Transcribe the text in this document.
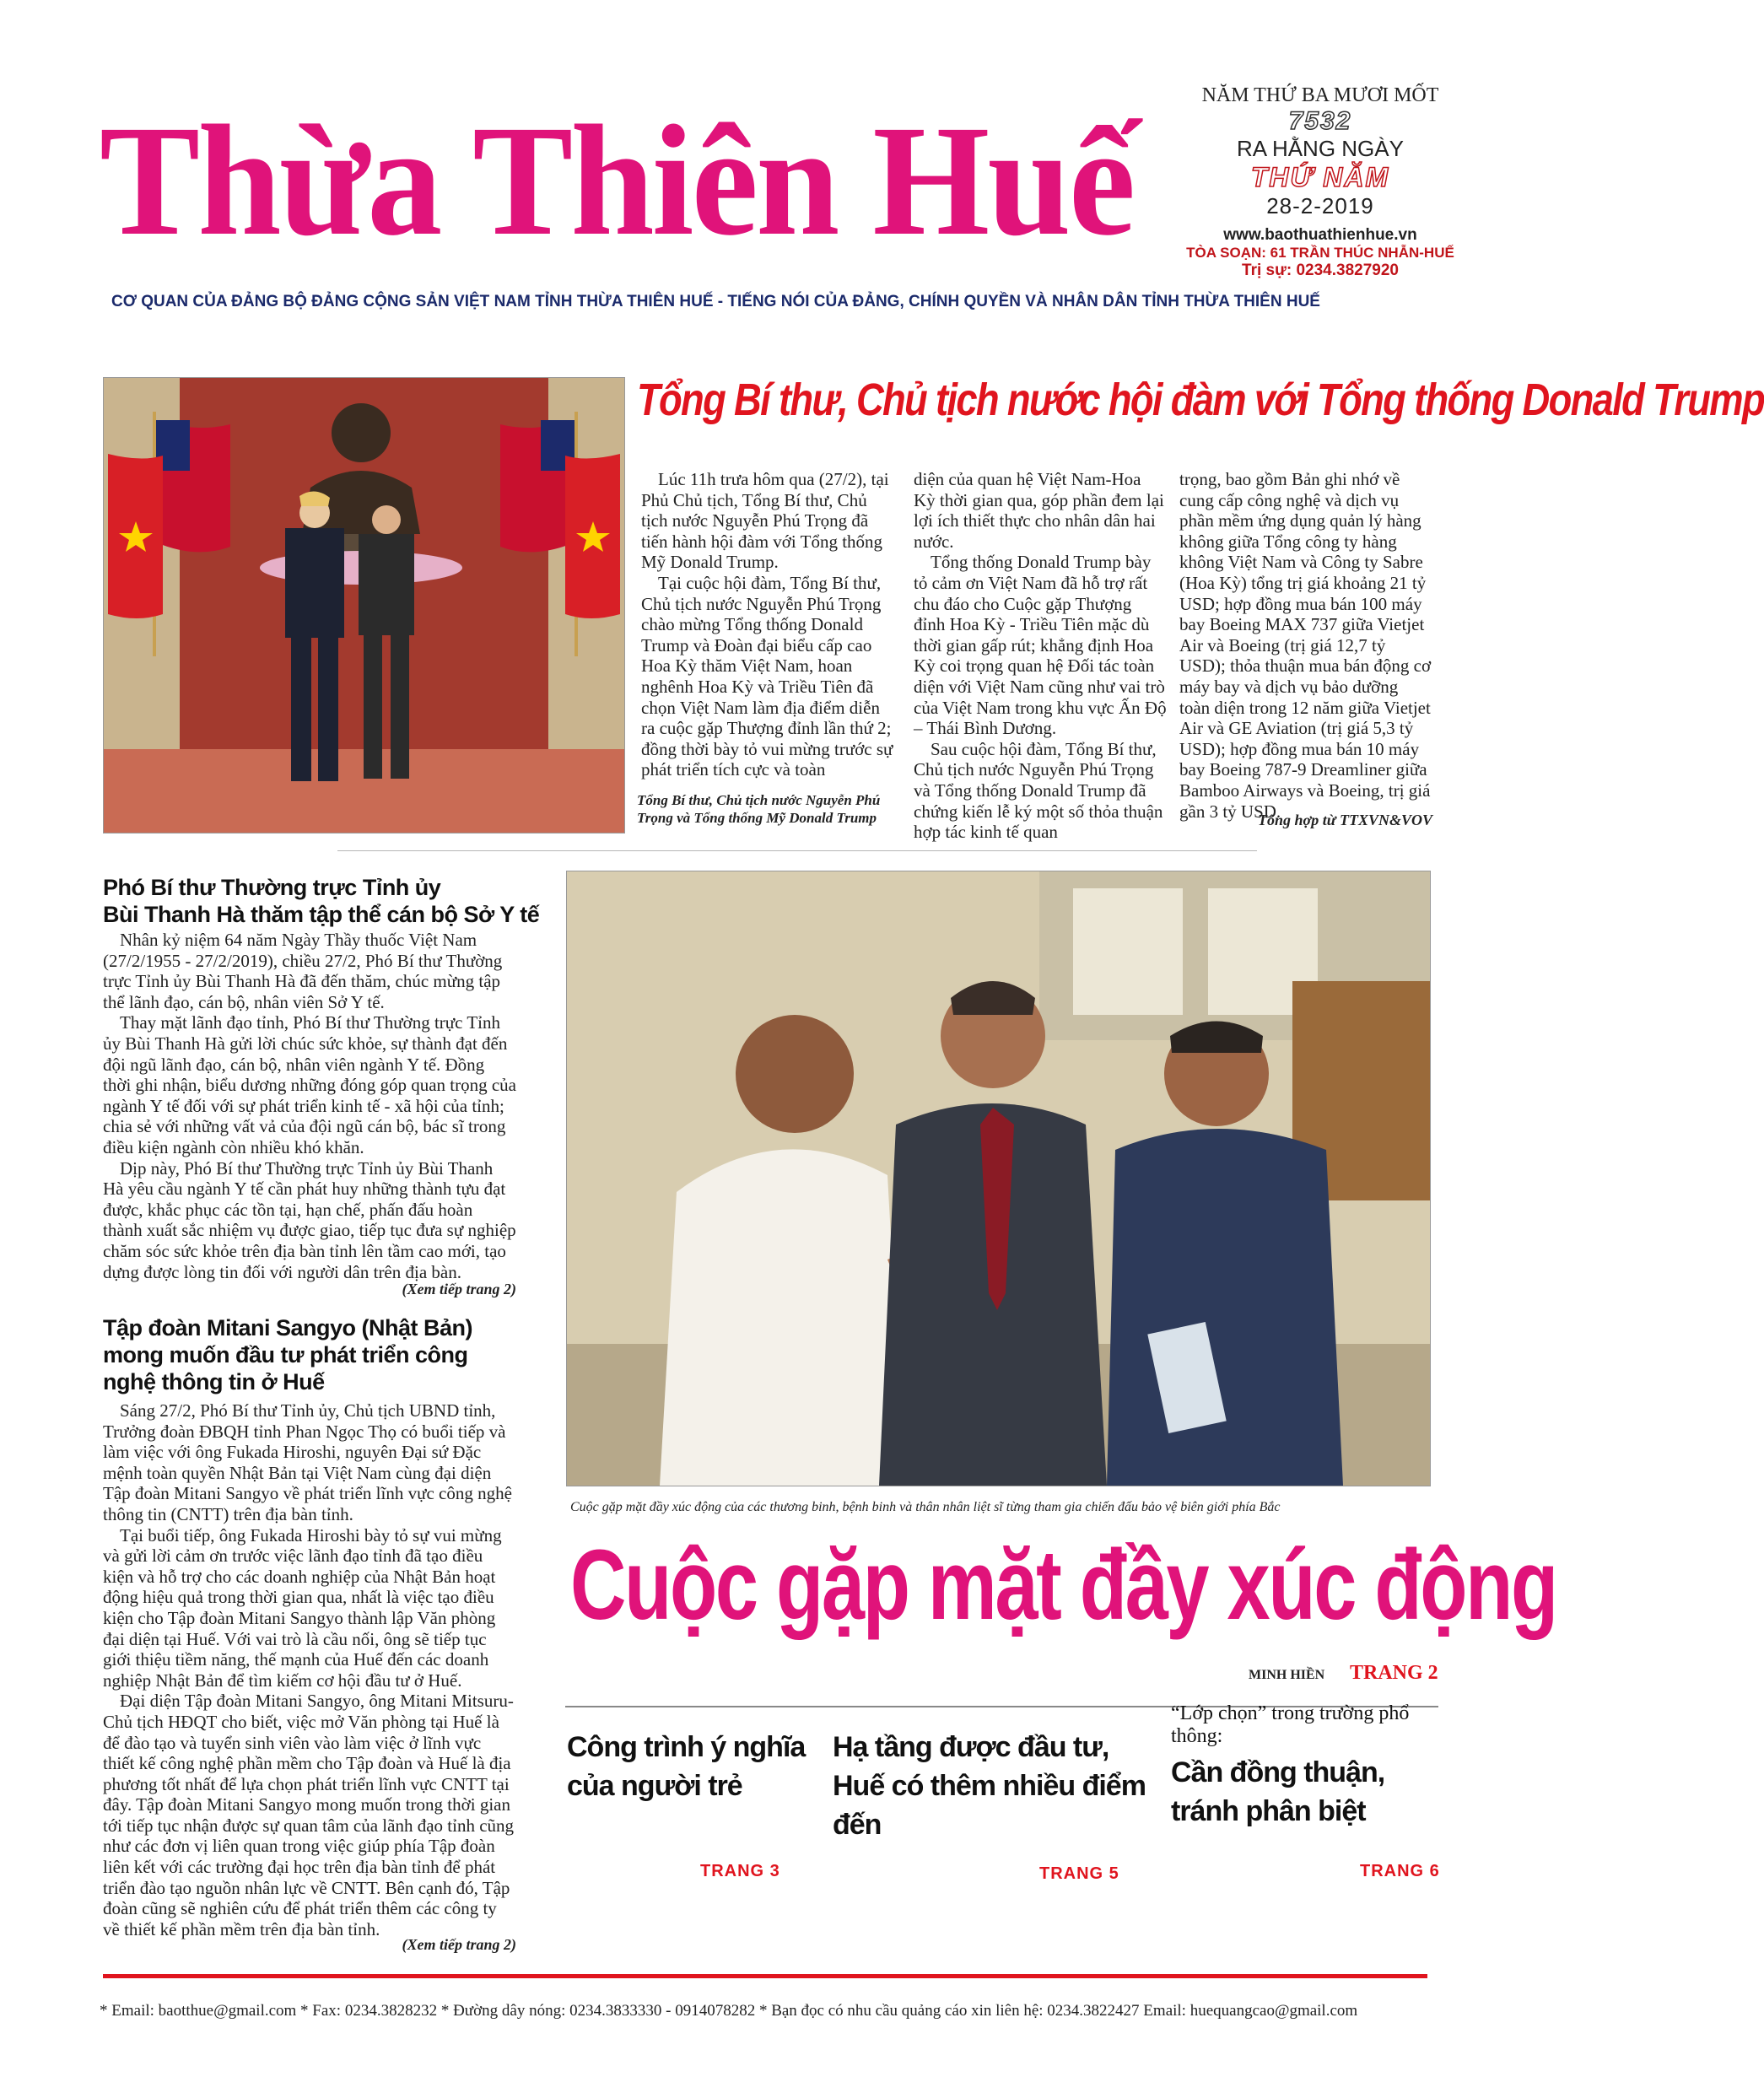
Thừa Thiên Huế
CƠ QUAN CỦA ĐẢNG BỘ ĐẢNG CỘNG SẢN VIỆT NAM TỈNH THỪA THIÊN HUẾ - TIẾNG NÓI CỦA ĐẢNG, CHÍNH QUYỀN VÀ NHÂN DÂN TỈNH THỪA THIÊN HUẾ
NĂM THỨ BA MƯƠI MỐT
7532
RA HẰNG NGÀY
THỨ NĂM
28-2-2019
www.baothuathienhue.vn
TÒA SOẠN: 61 TRẦN THÚC NHẪN-HUẾ
Trị sự: 0234.3827920
Tổng Bí thư, Chủ tịch nước hội đàm với Tổng thống Donald Trump

Lúc 11h trưa hôm qua (27/2), tại Phủ Chủ tịch, Tổng Bí thư, Chủ tịch nước Nguyễn Phú Trọng đã tiến hành hội đàm với Tổng thống Mỹ Donald Trump.

Tại cuộc hội đàm, Tổng Bí thư, Chủ tịch nước Nguyễn Phú Trọng chào mừng Tổng thống Donald Trump và Đoàn đại biểu cấp cao Hoa Kỳ thăm Việt Nam, hoan nghênh Hoa Kỳ và Triều Tiên đã chọn Việt Nam làm địa điểm diễn ra cuộc gặp Thượng đỉnh lần thứ 2; đồng thời bày tỏ vui mừng trước sự phát triển tích cực và toàn

diện của quan hệ Việt Nam-Hoa Kỳ thời gian qua, góp phần đem lại lợi ích thiết thực cho nhân dân hai nước.

Tổng thống Donald Trump bày tỏ cảm ơn Việt Nam đã hỗ trợ rất chu đáo cho Cuộc gặp Thượng đỉnh Hoa Kỳ - Triều Tiên mặc dù thời gian gấp rút; khẳng định Hoa Kỳ coi trọng quan hệ Đối tác toàn diện với Việt Nam cũng như vai trò của Việt Nam trong khu vực Ấn Độ – Thái Bình Dương.

Sau cuộc hội đàm, Tổng Bí thư, Chủ tịch nước Nguyễn Phú Trọng và Tổng thống Donald Trump đã chứng kiến lễ ký một số thỏa thuận hợp tác kinh tế quan

trọng, bao gồm Bản ghi nhớ về cung cấp công nghệ và dịch vụ phần mềm ứng dụng quản lý hàng không giữa Tổng công ty hàng không Việt Nam và Công ty Sabre (Hoa Kỳ) tổng trị giá khoảng 21 tỷ USD; hợp đồng mua bán 100 máy bay Boeing MAX 737 giữa Vietjet Air và Boeing (trị giá 12,7 tỷ USD); thỏa thuận mua bán động cơ máy bay và dịch vụ bảo dưỡng toàn diện trong 12 năm giữa Vietjet Air và GE Aviation (trị giá 5,3 tỷ USD); hợp đồng mua bán 10 máy bay Boeing 787-9 Dreamliner giữa Bamboo Airways và Boeing, trị giá gần 3 tỷ USD.

Tổng Bí thư, Chủ tịch nước Nguyễn Phú Trọng và Tổng thống Mỹ Donald Trump	Tổng hợp từ TTXVN&VOV
Phó Bí thư Thường trực Tỉnh ủy
Bùi Thanh Hà thăm tập thể cán bộ Sở Y tế

Nhân kỷ niệm 64 năm Ngày Thầy thuốc Việt Nam (27/2/1955 - 27/2/2019), chiều 27/2, Phó Bí thư Thường trực Tỉnh ủy Bùi Thanh Hà đã đến thăm, chúc mừng tập thể lãnh đạo, cán bộ, nhân viên Sở Y tế.

Thay mặt lãnh đạo tỉnh, Phó Bí thư Thường trực Tỉnh ủy Bùi Thanh Hà gửi lời chúc sức khỏe, sự thành đạt đến đội ngũ lãnh đạo, cán bộ, nhân viên ngành Y tế. Đồng thời ghi nhận, biểu dương những đóng góp quan trọng của ngành Y tế đối với sự phát triển kinh tế - xã hội của tỉnh; chia sẻ với những vất vả của đội ngũ cán bộ, bác sĩ trong điều kiện ngành còn nhiều khó khăn.

Dịp này, Phó Bí thư Thường trực Tỉnh ủy Bùi Thanh Hà yêu cầu ngành Y tế cần phát huy những thành tựu đạt được, khắc phục các tồn tại, hạn chế, phấn đấu hoàn thành xuất sắc nhiệm vụ được giao, tiếp tục đưa sự nghiệp chăm sóc sức khỏe trên địa bàn tỉnh lên tầm cao mới, tạo dựng được lòng tin đối với người dân trên địa bàn.

(Xem tiếp trang 2)
Tập đoàn Mitani Sangyo (Nhật Bản)
mong muốn đầu tư phát triển công
nghệ thông tin ở Huế

Sáng 27/2, Phó Bí thư Tỉnh ủy, Chủ tịch UBND tỉnh, Trưởng đoàn ĐBQH tỉnh Phan Ngọc Thọ có buổi tiếp và làm việc với ông Fukada Hiroshi, nguyên Đại sứ Đặc mệnh toàn quyền Nhật Bản tại Việt Nam cùng đại diện Tập đoàn Mitani Sangyo về phát triển lĩnh vực công nghệ thông tin (CNTT) trên địa bàn tỉnh.

Tại buổi tiếp, ông Fukada Hiroshi bày tỏ sự vui mừng và gửi lời cảm ơn trước việc lãnh đạo tỉnh đã tạo điều kiện và hỗ trợ cho các doanh nghiệp của Nhật Bản hoạt động hiệu quả trong thời gian qua, nhất là việc tạo điều kiện cho Tập đoàn Mitani Sangyo thành lập Văn phòng đại diện tại Huế. Với vai trò là cầu nối, ông sẽ tiếp tục giới thiệu tiềm năng, thế mạnh của Huế đến các doanh nghiệp Nhật Bản để tìm kiếm cơ hội đầu tư ở Huế.

Đại diện Tập đoàn Mitani Sangyo, ông Mitani Mitsuru- Chủ tịch HĐQT cho biết, việc mở Văn phòng tại Huế là để đào tạo và tuyển sinh viên vào làm việc ở lĩnh vực thiết kế công nghệ phần mềm cho Tập đoàn và Huế là địa phương tốt nhất để lựa chọn phát triển lĩnh vực CNTT tại đây. Tập đoàn Mitani Sangyo mong muốn trong thời gian tới tiếp tục nhận được sự quan tâm của lãnh đạo tỉnh cũng như các đơn vị liên quan trong việc giúp phía Tập đoàn liên kết với các trường đại học trên địa bàn tỉnh để phát triển đào tạo nguồn nhân lực về CNTT. Bên cạnh đó, Tập đoàn cũng sẽ nghiên cứu để phát triển thêm các công ty về thiết kế phần mềm trên địa bàn tỉnh.

(Xem tiếp trang 2)
Cuộc gặp mặt đầy xúc động của các thương binh, bệnh binh và thân nhân liệt sĩ từng tham gia chiến đấu bảo vệ biên giới phía Bắc
Cuộc gặp mặt đầy xúc động
MINH HIỀN TRANG 2
Công trình ý nghĩa
của người trẻ
TRANG 3
Hạ tầng được đầu tư,
Huế có thêm nhiều điểm đến
TRANG 5
“Lớp chọn” trong trường phổ thông:
Cần đồng thuận,
tránh phân biệt
TRANG 6
* Email: baotthue@gmail.com * Fax: 0234.3828232 * Đường dây nóng: 0234.3833330 - 0914078282 * Bạn đọc có nhu cầu quảng cáo xin liên hệ: 0234.3822427 Email: huequangcao@gmail.com
